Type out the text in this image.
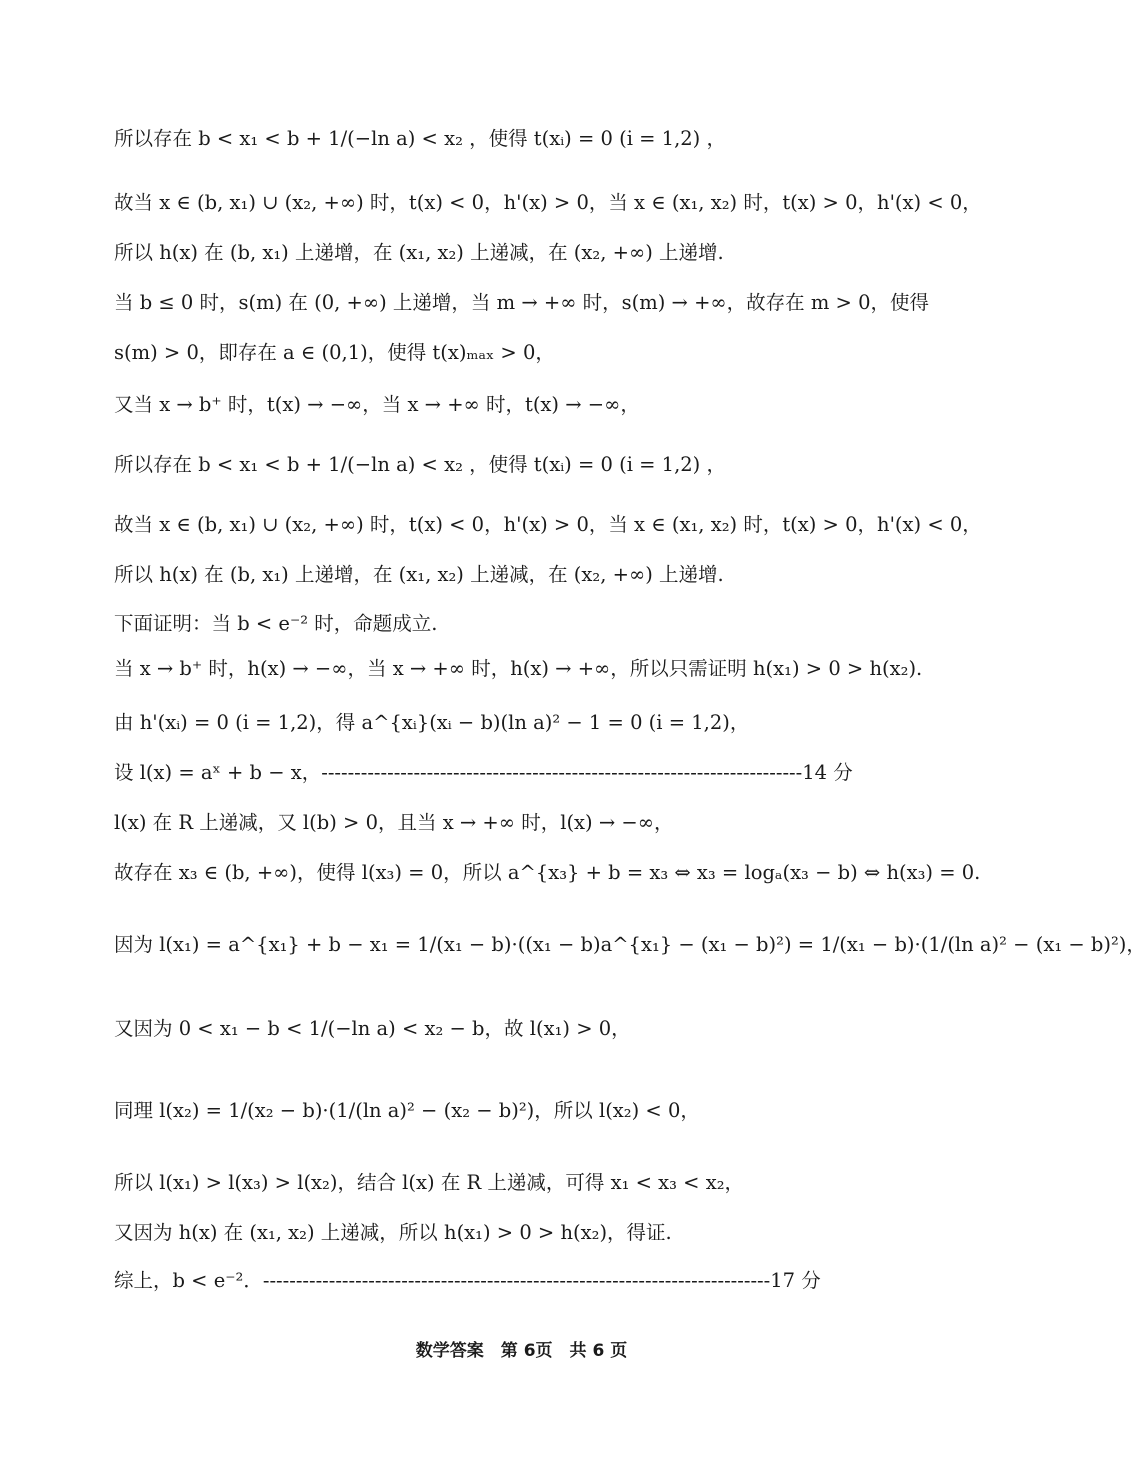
所以存在 b < x₁ < b + 1/(−ln a) < x₂ ，使得 t(xᵢ) = 0 (i = 1,2) ，
故当 x ∈ (b, x₁) ∪ (x₂, +∞) 时，t(x) < 0，h'(x) > 0，当 x ∈ (x₁, x₂) 时，t(x) > 0，h'(x) < 0，
所以 h(x) 在 (b, x₁) 上递增，在 (x₁, x₂) 上递减，在 (x₂, +∞) 上递增.
当 b ≤ 0 时，s(m) 在 (0, +∞) 上递增，当 m → +∞ 时，s(m) → +∞，故存在 m > 0，使得
s(m) > 0，即存在 a ∈ (0,1)，使得 t(x)ₘₐₓ > 0，
又当 x → b⁺ 时，t(x) → −∞，当 x → +∞ 时，t(x) → −∞，
所以存在 b < x₁ < b + 1/(−ln a) < x₂ ，使得 t(xᵢ) = 0 (i = 1,2) ，
故当 x ∈ (b, x₁) ∪ (x₂, +∞) 时，t(x) < 0，h'(x) > 0，当 x ∈ (x₁, x₂) 时，t(x) > 0，h'(x) < 0，
所以 h(x) 在 (b, x₁) 上递增，在 (x₁, x₂) 上递减，在 (x₂, +∞) 上递增.
下面证明：当 b < e⁻² 时，命题成立.
当 x → b⁺ 时，h(x) → −∞，当 x → +∞ 时，h(x) → +∞，所以只需证明 h(x₁) > 0 > h(x₂).
由 h'(xᵢ) = 0 (i = 1,2)，得 a^{xᵢ}(xᵢ − b)(ln a)² − 1 = 0 (i = 1,2)，
设 l(x) = aˣ + b − x，-------------------------------------------------------------------------14 分
l(x) 在 R 上递减，又 l(b) > 0，且当 x → +∞ 时，l(x) → −∞，
故存在 x₃ ∈ (b, +∞)，使得 l(x₃) = 0，所以 a^{x₃} + b = x₃ ⇔ x₃ = logₐ(x₃ − b) ⇔ h(x₃) = 0.
因为 l(x₁) = a^{x₁} + b − x₁ = 1/(x₁ − b)·((x₁ − b)a^{x₁} − (x₁ − b)²) = 1/(x₁ − b)·(1/(ln a)² − (x₁ − b)²)，
又因为 0 < x₁ − b < 1/(−ln a) < x₂ − b，故 l(x₁) > 0，
同理 l(x₂) = 1/(x₂ − b)·(1/(ln a)² − (x₂ − b)²)，所以 l(x₂) < 0，
所以 l(x₁) > l(x₃) > l(x₂)，结合 l(x) 在 R 上递减，可得 x₁ < x₃ < x₂，
又因为 h(x) 在 (x₁, x₂) 上递减，所以 h(x₁) > 0 > h(x₂)，得证.
综上，b < e⁻²．-----------------------------------------------------------------------------17 分
数学答案　第 6页　共 6 页
